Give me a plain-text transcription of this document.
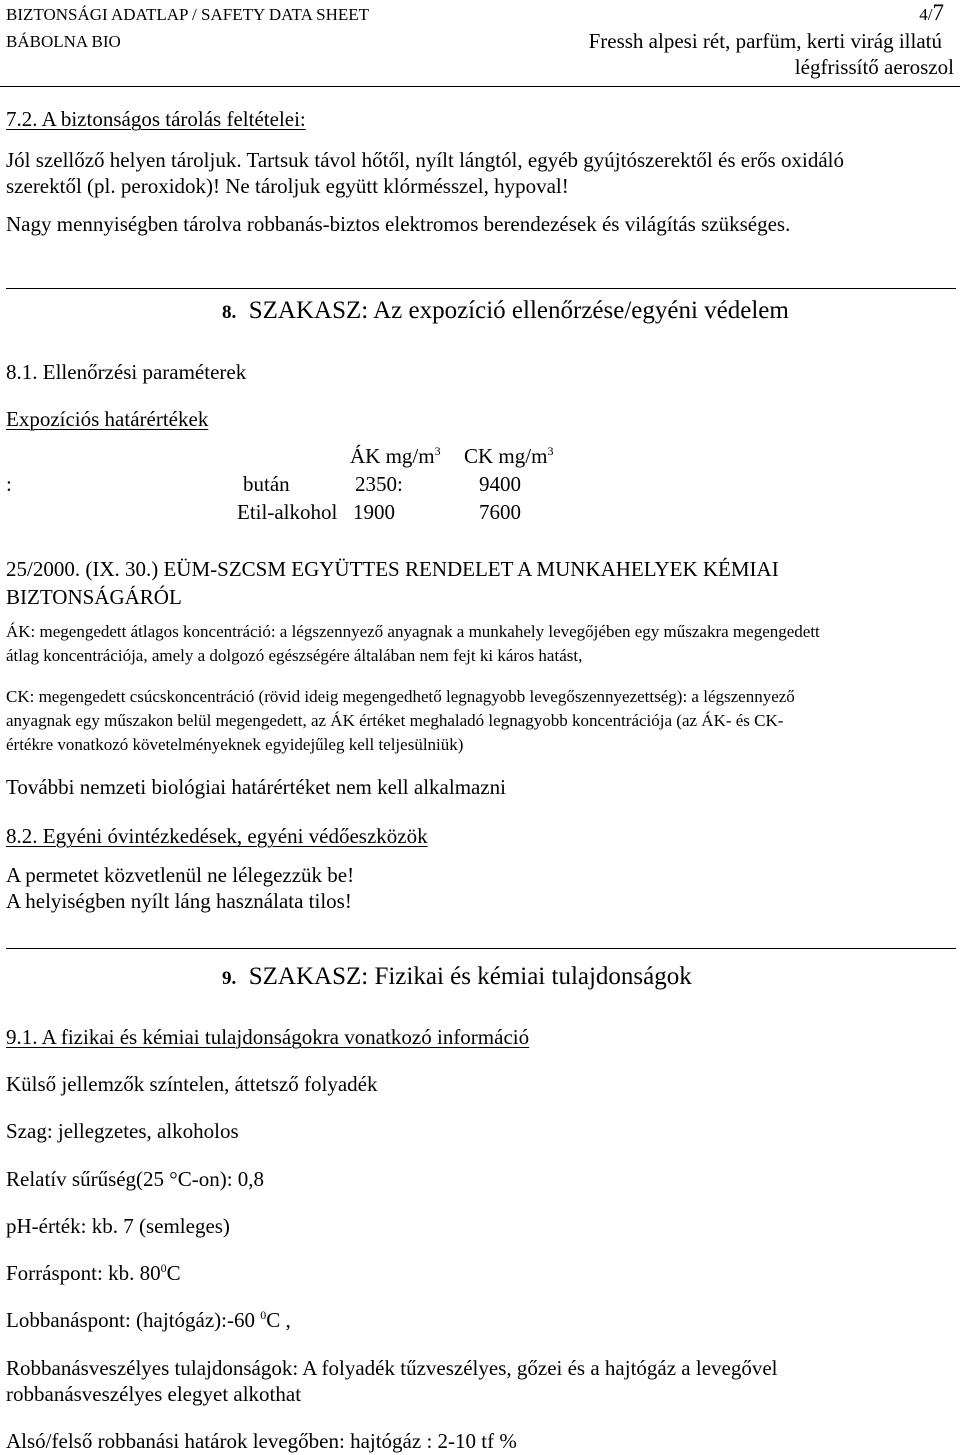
BIZTONSÁGI ADATLAP / SAFETY DATA SHEET	4/7
BÁBOLNA BIO	Fressh alpesi rét, parfüm, kerti virág illatú
légfrissítő aeroszol
7.2. A biztonságos tárolás feltételei:
Jól szellőző helyen tároljuk. Tartsuk távol hőtől, nyílt lángtól, egyéb gyújtószerektől és erős oxidáló
szerektől (pl. peroxidok)! Ne tároljuk együtt klórmésszel, hypoval!
Nagy mennyiségben tárolva robbanás-biztos elektromos berendezések és világítás szükséges.
8. SZAKASZ: Az expozíció ellenőrzése/egyéni védelem
8.1. Ellenőrzési paraméterek
Expozíciós határértékek
ÁK $mg/m^3$ CK $mg/m^3$
:	bután	2350:	9400
Etil-alkohol 1900	7600
25/2000. (IX. 30.) EÜM-SZCSM EGYÜTTES RENDELET A MUNKAHELYEK KÉMIAI
BIZTONSÁGÁRÓL
ÁK: megengedett átlagos koncentráció: a légszennyező anyagnak a munkahely levegőjében egy műszakra megengedett
átlag koncentrációja, amely a dolgozó egészségére általában nem fejt ki káros hatást,
CK: megengedett csúcskoncentráció (rövid ideig megengedhető legnagyobb levegőszennyezettség): a légszennyező
anyagnak egy műszakon belül megengedett, az ÁK értéket meghaladó legnagyobb koncentrációja (az ÁK- és CK-
értékre vonatkozó követelményeknek egyidejűleg kell teljesülniük)
További nemzeti biológiai határértéket nem kell alkalmazni
8.2. Egyéni óvintézkedések, egyéni védőeszközök
A permetet közvetlenül ne lélegezzük be!
A helyiségben nyílt láng használata tilos!
9. SZAKASZ: Fizikai és kémiai tulajdonságok
9.1. A fizikai és kémiai tulajdonságokra vonatkozó információ
Külső jellemzők színtelen, áttetsző folyadék
Szag: jellegzetes, alkoholos
Relatív sűrűség(25 °C-on): 0,8
pH-érték: kb. 7 (semleges)
Forráspont: kb. $80^0C$
Lobbanáspont: (hajtógáz):-60 $^0$C ,
Robbanásveszélyes tulajdonságok: A folyadék tűzveszélyes, gőzei és a hajtógáz a levegővel
robbanásveszélyes elegyet alkothat
Alsó/felső robbanási határok levegőben: hajtógáz : 2-10 tf %
